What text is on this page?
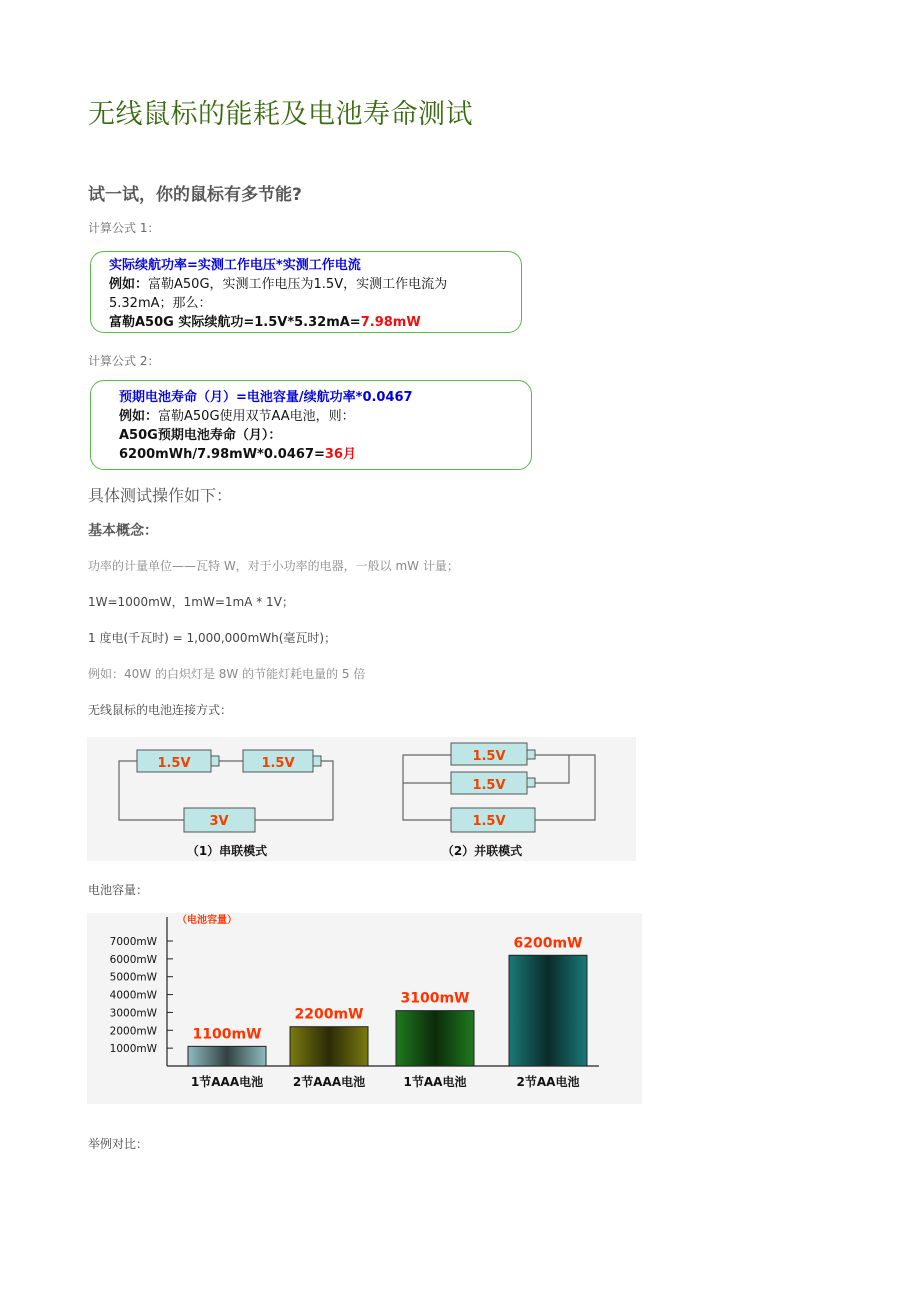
无线鼠标的能耗及电池寿命测试
试一试，你的鼠标有多节能?
计算公式 1：
实际续航功率=实测工作电压*实测工作电流
例如：富勒A50G，实测工作电压为1.5V，实测工作电流为
5.32mA；那么：
富勒A50G 实际续航功=1.5V*5.32mA=7.98mW
计算公式 2：
预期电池寿命（月）=电池容量/续航功率*0.0467
例如：富勒A50G使用双节AA电池，则：
A50G预期电池寿命（月）：
6200mWh/7.98mW*0.0467=36月
具体测试操作如下：
基本概念：
功率的计量单位——瓦特 W，对于小功率的电器，一般以 mW 计量；
1W=1000mW，1mW=1mA * 1V；
1 度电(千瓦时) = 1,000,000mWh(毫瓦时)；
例如：40W 的白炽灯是 8W 的节能灯耗电量的 5 倍
无线鼠标的电池连接方式：
1.5V	1.5V
3V
（1）串联模式
1.5V
1.5V
1.5V
（2）并联模式
电池容量：
（电池容量）
1000mW
2000mW
3000mW
4000mW
5000mW
6000mW
7000mW
1100mW
1节AAA电池
2200mW
2节AAA电池
3100mW
1节AA电池
6200mW
2节AA电池
举例对比：
